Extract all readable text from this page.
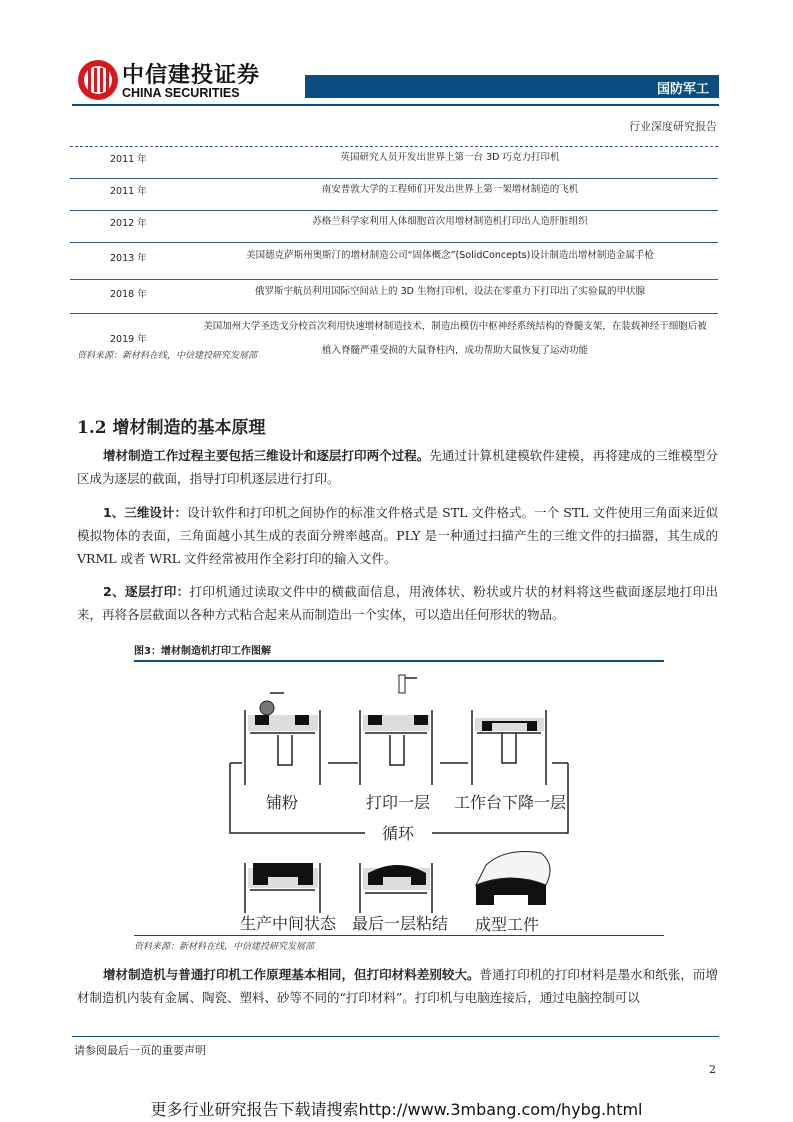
中信建投证券
CHINA SECURITIES	国防军工
行业深度研究报告
2011 年	英国研究人员开发出世界上第一台 3D 巧克力打印机
2011 年	南安普敦大学的工程师们开发出世界上第一架增材制造的飞机
2012 年	苏格兰科学家利用人体细胞首次用增材制造机打印出人造肝脏组织
2013 年	美国德克萨斯州奥斯汀的增材制造公司“固体概念”(SolidConcepts)设计制造出增材制造金属手枪
2018 年	俄罗斯宇航员利用国际空间站上的 3D 生物打印机，设法在零重力下打印出了实验鼠的甲状腺
2019 年
美国加州大学圣迭戈分校首次利用快速增材制造技术，制造出模仿中枢神经系统结构的脊髓支架，在装载神经干细胞后被植入脊髓严重受损的大鼠脊柱内，成功帮助大鼠恢复了运动功能
资料来源：新材料在线，中信建投研究发展部
1.2 增材制造的基本原理
增材制造工作过程主要包括三维设计和逐层打印两个过程。先通过计算机建模软件建模，再将建成的三维模型分区成为逐层的截面，指导打印机逐层进行打印。
1、三维设计：设计软件和打印机之间协作的标准文件格式是 STL 文件格式。一个 STL 文件使用三角面来近似模拟物体的表面，三角面越小其生成的表面分辨率越高。PLY 是一种通过扫描产生的三维文件的扫描器，其生成的 VRML 或者 WRL 文件经常被用作全彩打印的输入文件。
2、逐层打印：打印机通过读取文件中的横截面信息，用液体状、粉状或片状的材料将这些截面逐层地打印出来，再将各层截面以各种方式粘合起来从而制造出一个实体，可以造出任何形状的物品。
图3：增材制造机打印工作图解
铺粉	打印一层 工作台下降一层
循环
生产中间状态 最后一层粘结 成型工件
资料来源：新材料在线，中信建投研究发展部
增材制造机与普通打印机工作原理基本相同，但打印材料差别较大。普通打印机的打印材料是墨水和纸张，而增材制造机内装有金属、陶瓷、塑料、砂等不同的“打印材料”。打印机与电脑连接后，通过电脑控制可以
请参阅最后一页的重要声明
2
更多行业研究报告下载请搜索http://www.3mbang.com/hybg.html
